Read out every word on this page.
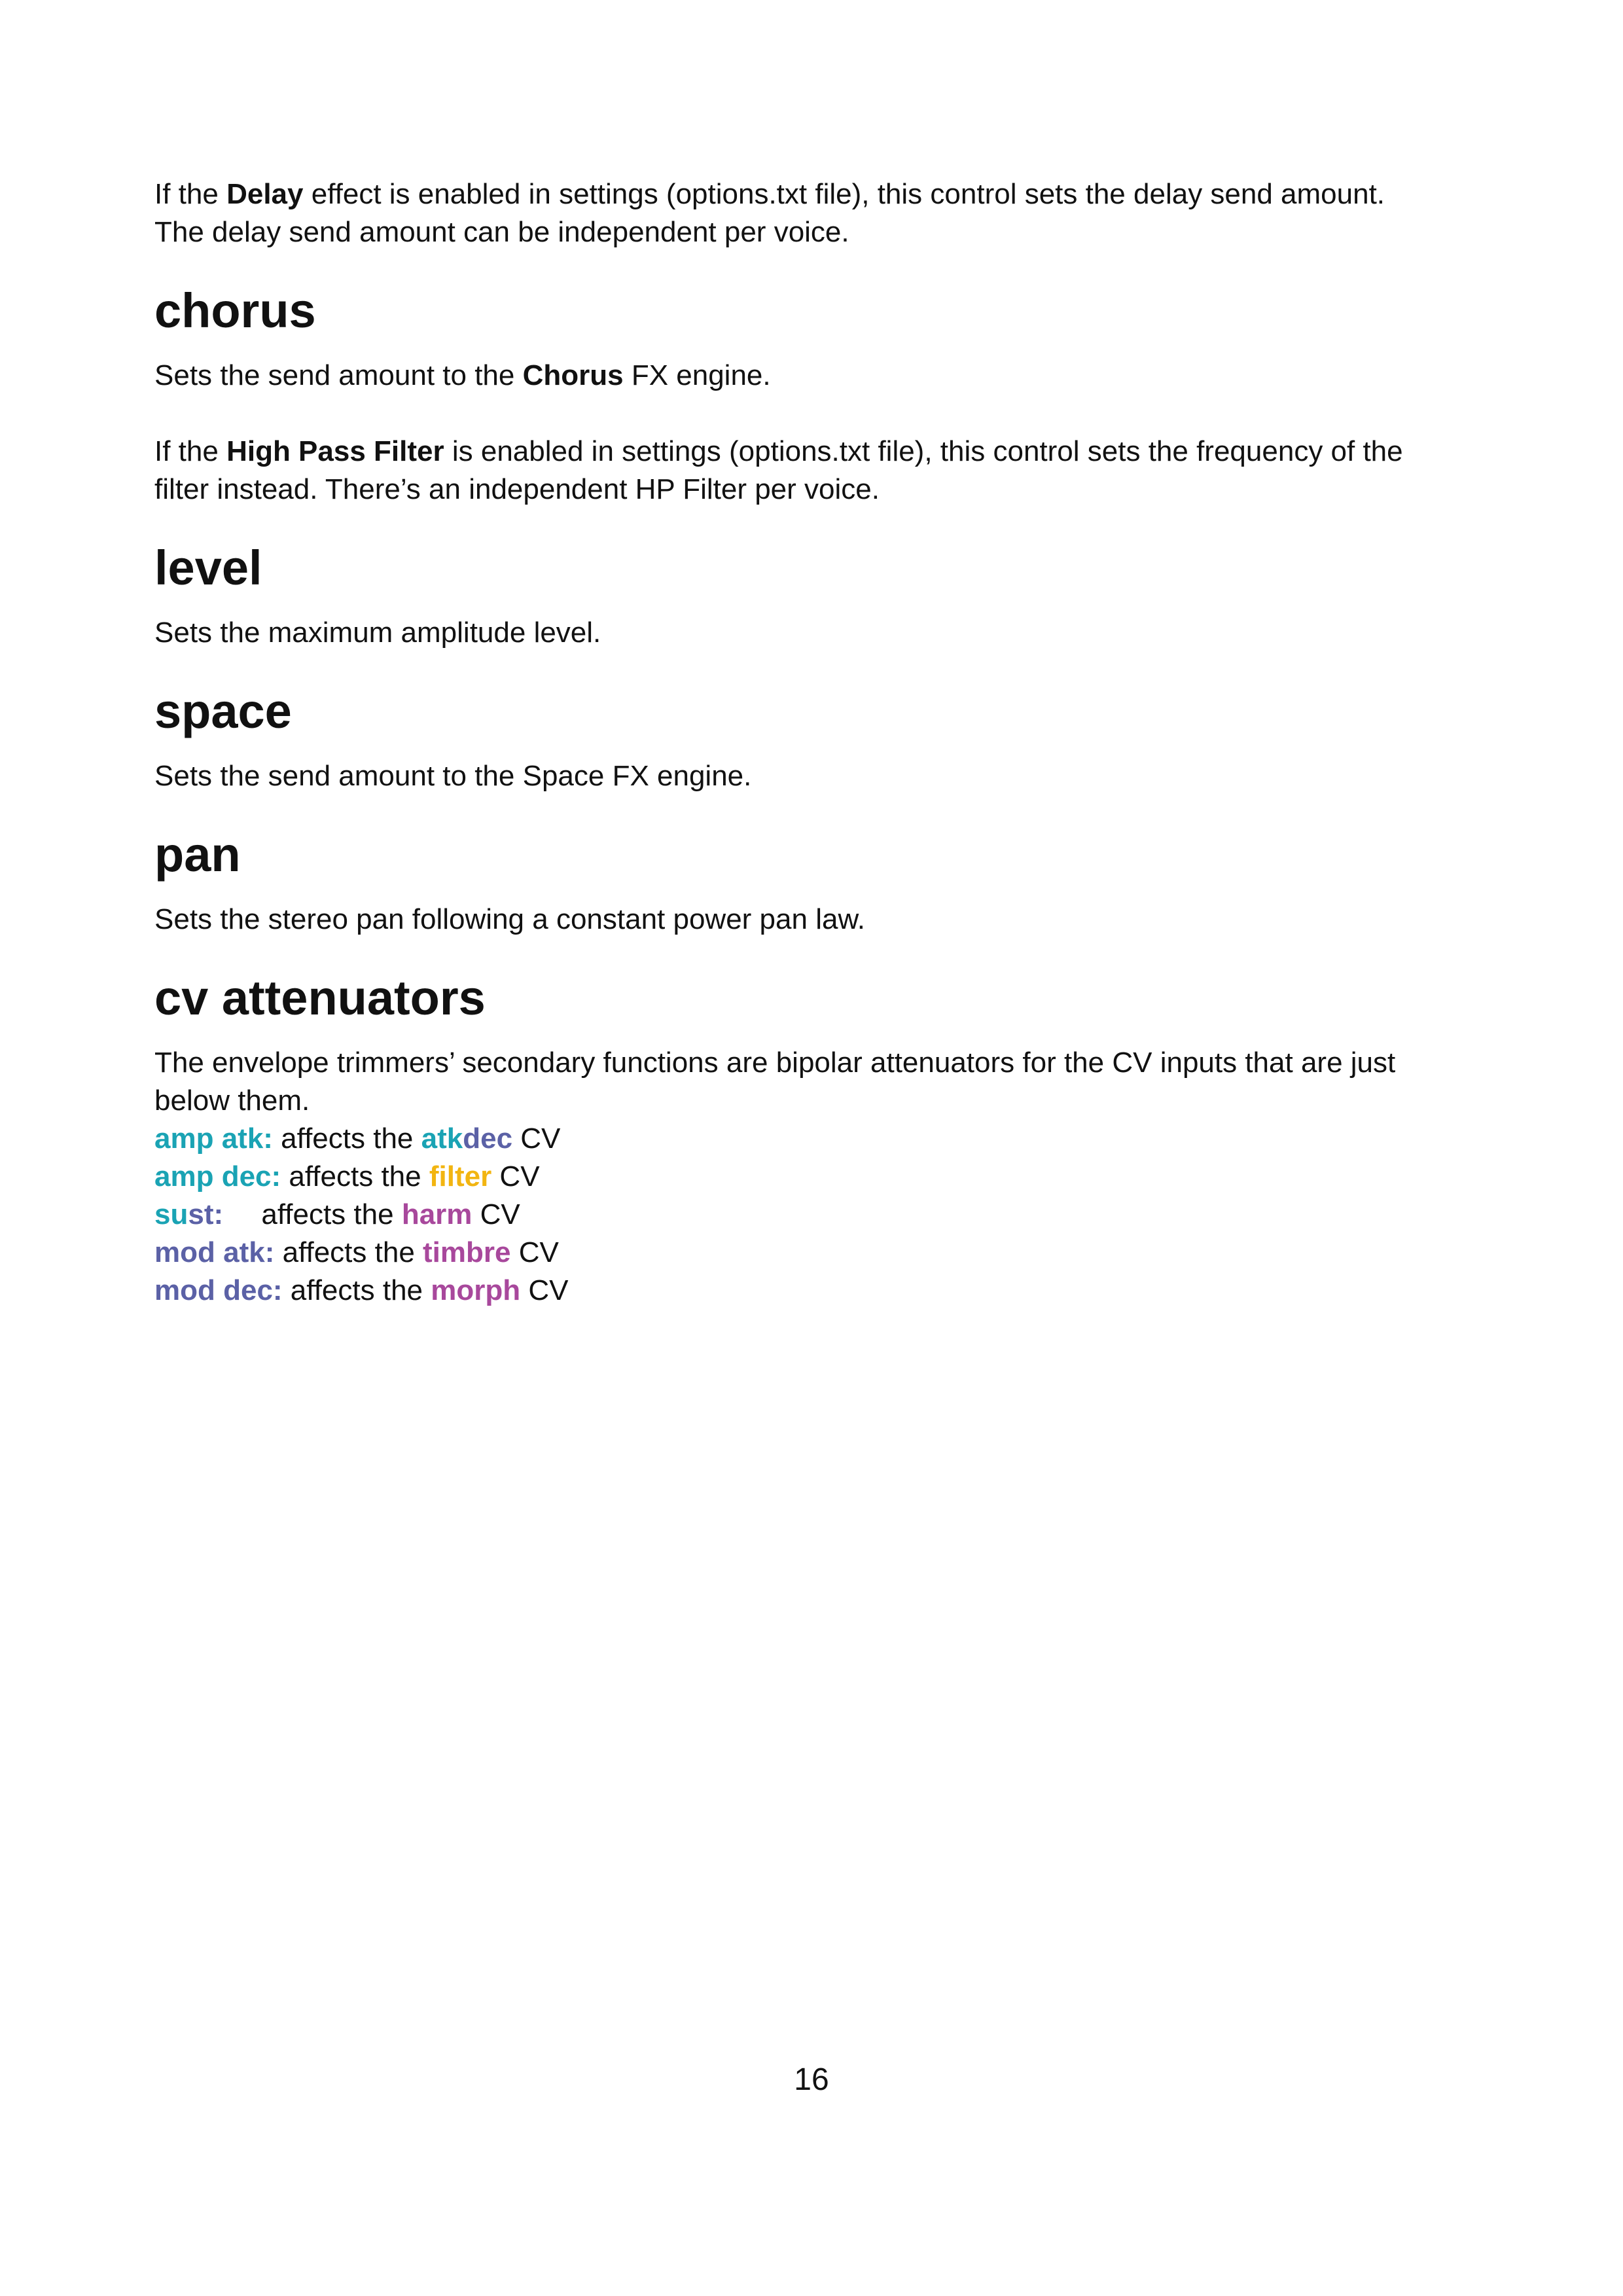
If the Delay effect is enabled in settings (options.txt file), this control sets the delay send amount.
The delay send amount can be independent per voice.

chorus

Sets the send amount to the Chorus FX engine.

If the High Pass Filter is enabled in settings (options.txt file), this control sets the frequency of the
filter instead. There’s an independent HP Filter per voice.

level

Sets the maximum amplitude level.

space

Sets the send amount to the Space FX engine.

pan

Sets the stereo pan following a constant power pan law.

cv attenuators

The envelope trimmers’ secondary functions are bipolar attenuators for the CV inputs that are just
below them.

amp atk: affects the atkdec CV

amp dec: affects the filter CV

sust: affects the harm CV

mod atk: affects the timbre CV

mod dec: affects the morph CV

16
